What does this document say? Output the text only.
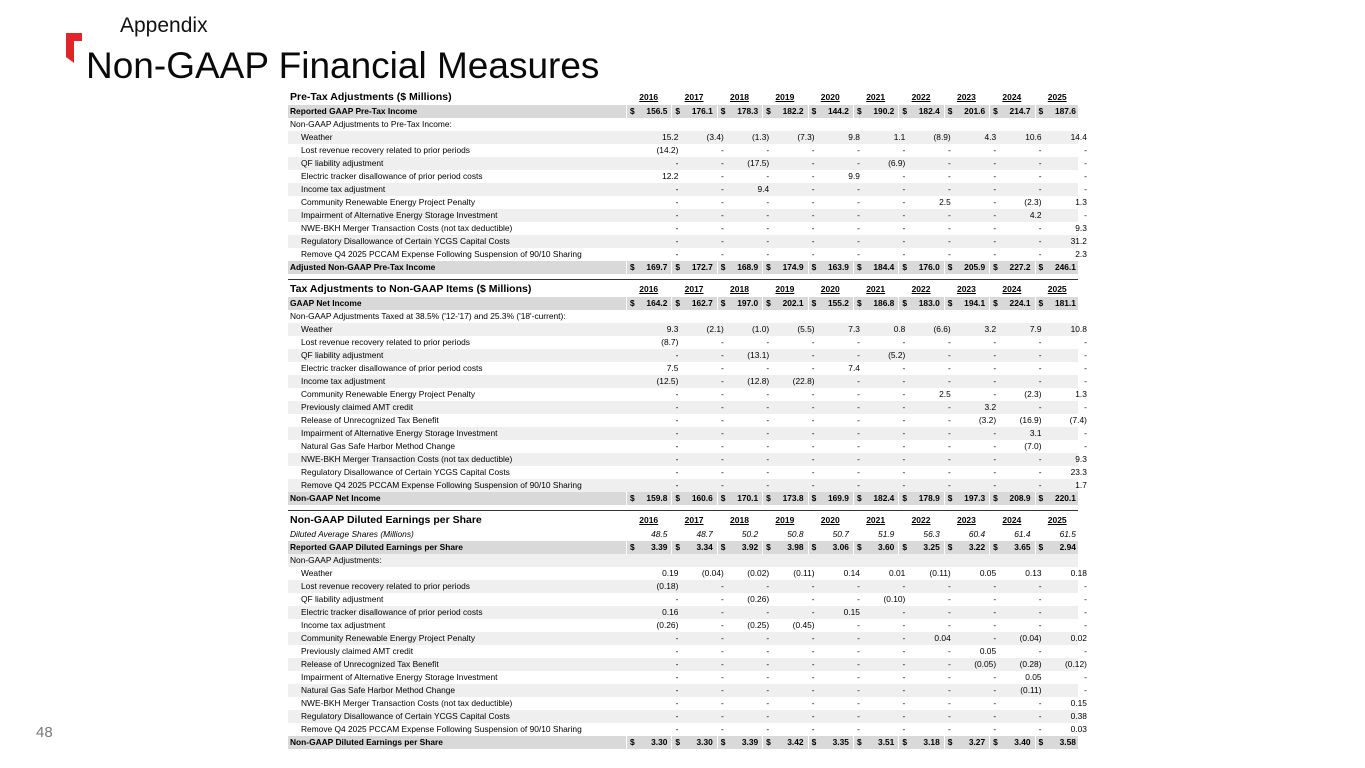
Appendix
Non-GAAP Financial Measures
48
Pre-Tax Adjustments ($ Millions)	2016	2017	2018	2019	2020	2021	2022	2023	2024	2025
Reported GAAP Pre-Tax Income	$ 156.5 $ 176.1 $ 178.3 $ 182.2 $ 144.2 $ 190.2 $ 182.4 $ 201.6 $ 214.7 $ 187.6
Non-GAAP Adjustments to Pre-Tax Income:
Weather	15.2	(3.4)	(1.3)	(7.3)	9.8	1.1	(8.9)	4.3	10.6	14.4
Lost revenue recovery related to prior periods	(14.2)	-	-	-	-	-	-	-	-	-
QF liability adjustment	-	-	(17.5)	-	-	(6.9)	-	-	-	-
Electric tracker disallowance of prior period costs	12.2	-	-	-	9.9	-	-	-	-	-
Income tax adjustment	-	-	9.4	-	-	-	-	-	-	-
Community Renewable Energy Project Penalty	-	-	-	-	-	-	2.5	-	(2.3)	1.3
Impairment of Alternative Energy Storage Investment	-	-	-	-	-	-	-	-	4.2	-
NWE-BKH Merger Transaction Costs (not tax deductible)	-	-	-	-	-	-	-	-	-	9.3
Regulatory Disallowance of Certain YCGS Capital Costs	-	-	-	-	-	-	-	-	-	31.2
Remove Q4 2025 PCCAM Expense Following Suspension of 90/10 Sharing	-	-	-	-	-	-	-	-	-	2.3
Adjusted Non-GAAP Pre-Tax Income	$ 169.7 $ 172.7 $ 168.9 $ 174.9 $ 163.9 $ 184.4 $ 176.0 $ 205.9 $ 227.2 $ 246.1
Tax Adjustments to Non-GAAP Items ($ Millions)	2016	2017	2018	2019	2020	2021	2022	2023	2024	2025
GAAP Net Income	$ 164.2 $ 162.7 $ 197.0 $ 202.1 $ 155.2 $ 186.8 $ 183.0 $ 194.1 $ 224.1 $ 181.1
Non-GAAP Adjustments Taxed at 38.5% ('12-'17) and 25.3% ('18'-current):
Weather	9.3	(2.1)	(1.0)	(5.5)	7.3	0.8	(6.6)	3.2	7.9	10.8
Lost revenue recovery related to prior periods	(8.7)	-	-	-	-	-	-	-	-	-
QF liability adjustment	-	-	(13.1)	-	-	(5.2)	-	-	-	-
Electric tracker disallowance of prior period costs	7.5	-	-	-	7.4	-	-	-	-	-
Income tax adjustment	(12.5)	-	(12.8)	(22.8)	-	-	-	-	-	-
Community Renewable Energy Project Penalty	-	-	-	-	-	-	2.5	-	(2.3)	1.3
Previously claimed AMT credit	-	-	-	-	-	-	-	3.2	-	-
Release of Unrecognized Tax Benefit	-	-	-	-	-	-	-	(3.2)	(16.9)	(7.4)
Impairment of Alternative Energy Storage Investment	-	-	-	-	-	-	-	-	3.1	-
Natural Gas Safe Harbor Method Change	-	-	-	-	-	-	-	-	(7.0)	-
NWE-BKH Merger Transaction Costs (not tax deductible)	-	-	-	-	-	-	-	-	-	9.3
Regulatory Disallowance of Certain YCGS Capital Costs	-	-	-	-	-	-	-	-	-	23.3
Remove Q4 2025 PCCAM Expense Following Suspension of 90/10 Sharing	-	-	-	-	-	-	-	-	-	1.7
Non-GAAP Net Income	$ 159.8 $ 160.6 $ 170.1 $ 173.8 $ 169.9 $ 182.4 $ 178.9 $ 197.3 $ 208.9 $ 220.1
Non-GAAP Diluted Earnings per Share	2016	2017	2018	2019	2020	2021	2022	2023	2024	2025
Diluted Average Shares (Millions)	48.5	48.7	50.2	50.8	50.7	51.9	56.3	60.4	61.4	61.5
Reported GAAP Diluted Earnings per Share	$ 3.39 $ 3.34 $ 3.92 $ 3.98 $ 3.06 $ 3.60 $ 3.25 $ 3.22 $ 3.65 $ 2.94
Non-GAAP Adjustments:
Weather	0.19	(0.04)	(0.02)	(0.11)	0.14	0.01	(0.11)	0.05	0.13	0.18
Lost revenue recovery related to prior periods	(0.18)	-	-	-	-	-	-	-	-	-
QF liability adjustment	-	-	(0.26)	-	-	(0.10)	-	-	-	-
Electric tracker disallowance of prior period costs	0.16	-	-	-	0.15	-	-	-	-	-
Income tax adjustment	(0.26)	-	(0.25)	(0.45)	-	-	-	-	-	-
Community Renewable Energy Project Penalty	-	-	-	-	-	-	0.04	-	(0.04)	0.02
Previously claimed AMT credit	-	-	-	-	-	-	-	0.05	-	-
Release of Unrecognized Tax Benefit	-	-	-	-	-	-	-	(0.05)	(0.28)	(0.12)
Impairment of Alternative Energy Storage Investment	-	-	-	-	-	-	-	-	0.05	-
Natural Gas Safe Harbor Method Change	-	-	-	-	-	-	-	-	(0.11)	-
NWE-BKH Merger Transaction Costs (not tax deductible)	-	-	-	-	-	-	-	-	-	0.15
Regulatory Disallowance of Certain YCGS Capital Costs	-	-	-	-	-	-	-	-	-	0.38
Remove Q4 2025 PCCAM Expense Following Suspension of 90/10 Sharing	-	-	-	-	-	-	-	-	-	0.03
Non-GAAP Diluted Earnings per Share	$ 3.30 $ 3.30 $ 3.39 $ 3.42 $ 3.35 $ 3.51 $ 3.18 $ 3.27 $ 3.40 $ 3.58
